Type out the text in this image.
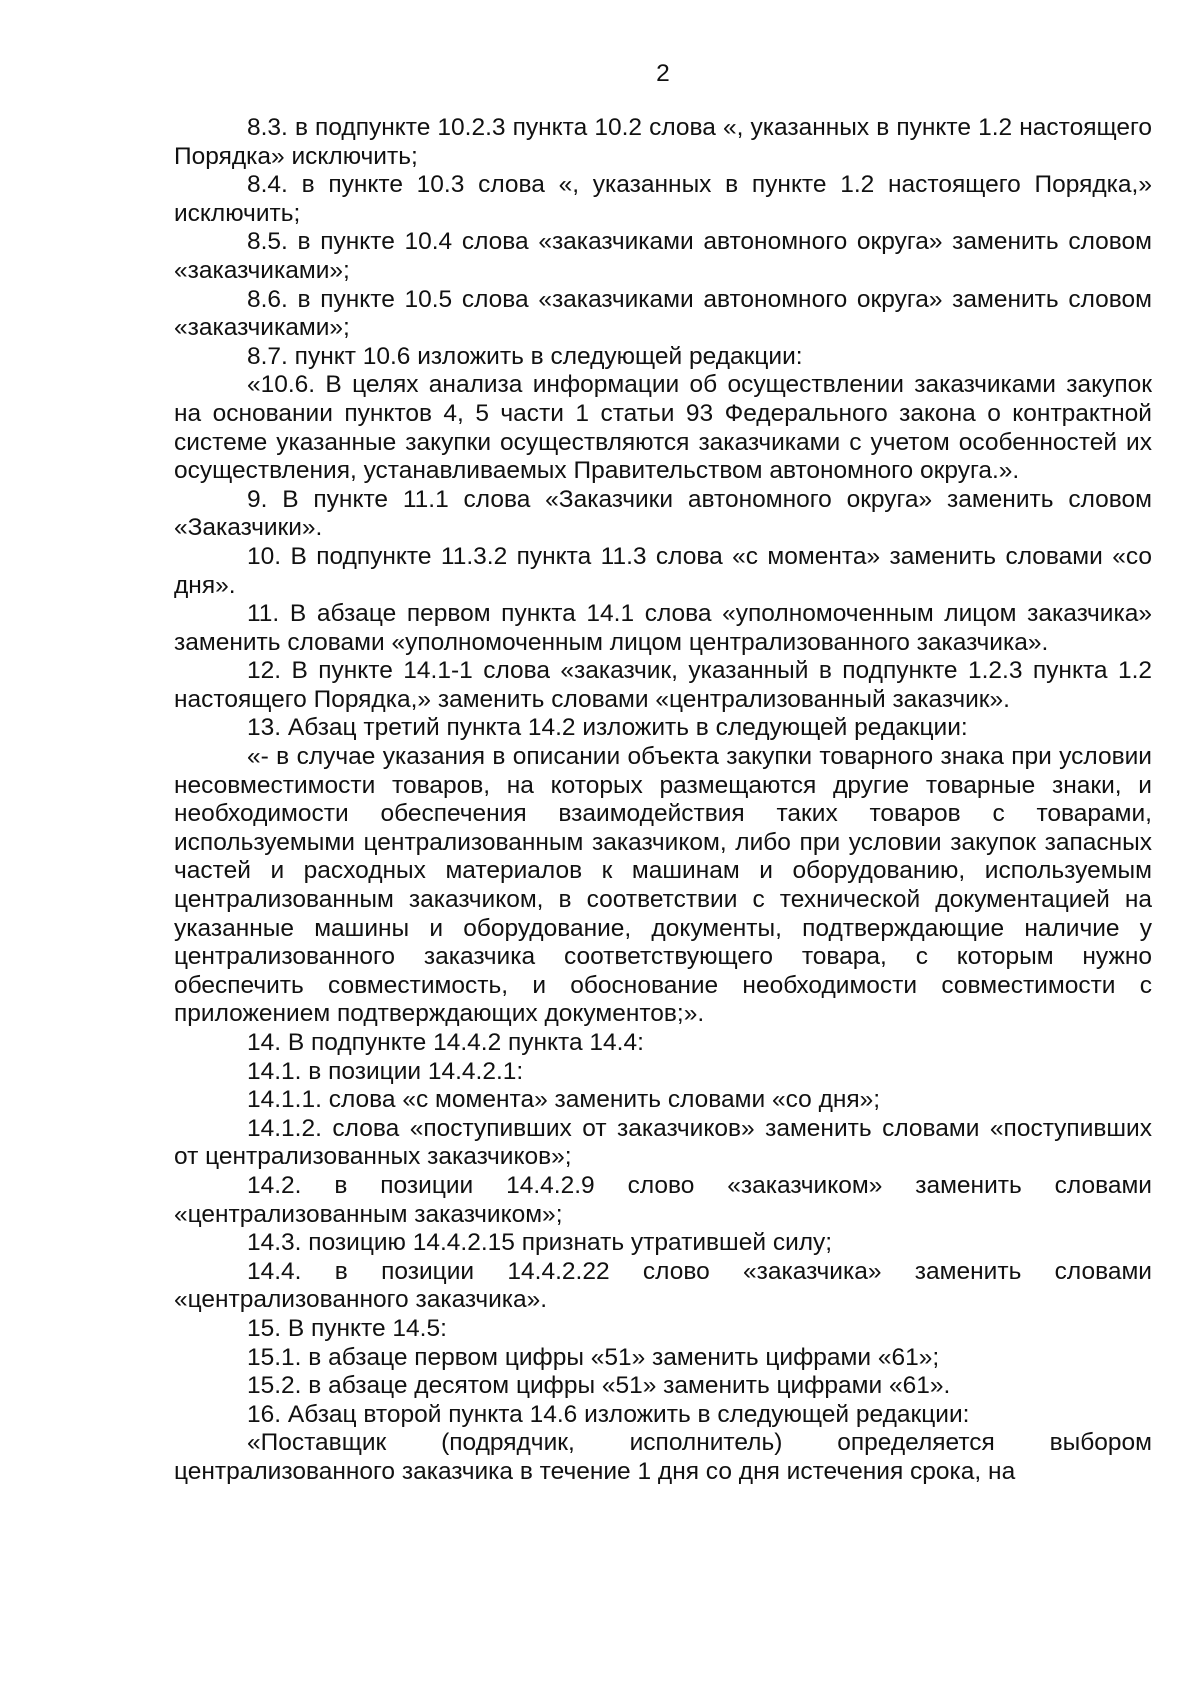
2

8.3. в подпункте 10.2.3 пункта 10.2 слова «, указанных в пункте 1.2 настоящего Порядка» исключить;

8.4. в пункте 10.3 слова «, указанных в пункте 1.2 настоящего Порядка,» исключить;

8.5. в пункте 10.4 слова «заказчиками автономного округа» заменить словом «заказчиками»;

8.6. в пункте 10.5 слова «заказчиками автономного округа» заменить словом «заказчиками»;

8.7. пункт 10.6 изложить в следующей редакции:

«10.6. В целях анализа информации об осуществлении заказчиками закупок на основании пунктов 4, 5 части 1 статьи 93 Федерального закона о контрактной системе указанные закупки осуществляются заказчиками с учетом особенностей их осуществления, устанавливаемых Правительством автономного округа.».

9. В пункте 11.1 слова «Заказчики автономного округа» заменить словом «Заказчики».

10. В подпункте 11.3.2 пункта 11.3 слова «с момента» заменить словами «со дня».

11. В абзаце первом пункта 14.1 слова «уполномоченным лицом заказчика» заменить словами «уполномоченным лицом централизованного заказчика».

12. В пункте 14.1-1 слова «заказчик, указанный в подпункте 1.2.3 пункта 1.2 настоящего Порядка,» заменить словами «централизованный заказчик».

13. Абзац третий пункта 14.2 изложить в следующей редакции:

«- в случае указания в описании объекта закупки товарного знака при условии несовместимости товаров, на которых размещаются другие товарные знаки, и необходимости обеспечения взаимодействия таких товаров с товарами, используемыми централизованным заказчиком, либо при условии закупок запасных частей и расходных материалов к машинам и оборудованию, используемым централизованным заказчиком, в соответствии с технической документацией на указанные машины и оборудование, документы, подтверждающие наличие у централизованного заказчика соответствующего товара, с которым нужно обеспечить совместимость, и обоснование необходимости совместимости с приложением подтверждающих документов;».

14. В подпункте 14.4.2 пункта 14.4:

14.1. в позиции 14.4.2.1:

14.1.1. слова «с момента» заменить словами «со дня»;

14.1.2. слова «поступивших от заказчиков» заменить словами «поступивших от централизованных заказчиков»;

14.2. в позиции 14.4.2.9 слово «заказчиком» заменить словами «централизованным заказчиком»;

14.3. позицию 14.4.2.15 признать утратившей силу;

14.4. в позиции 14.4.2.22 слово «заказчика» заменить словами «централизованного заказчика».

15. В пункте 14.5:

15.1. в абзаце первом цифры «51» заменить цифрами «61»;

15.2. в абзаце десятом цифры «51» заменить цифрами «61».

16. Абзац второй пункта 14.6 изложить в следующей редакции:

«Поставщик (подрядчик, исполнитель) определяется выбором централизованного заказчика в течение 1 дня со дня истечения срока, на
